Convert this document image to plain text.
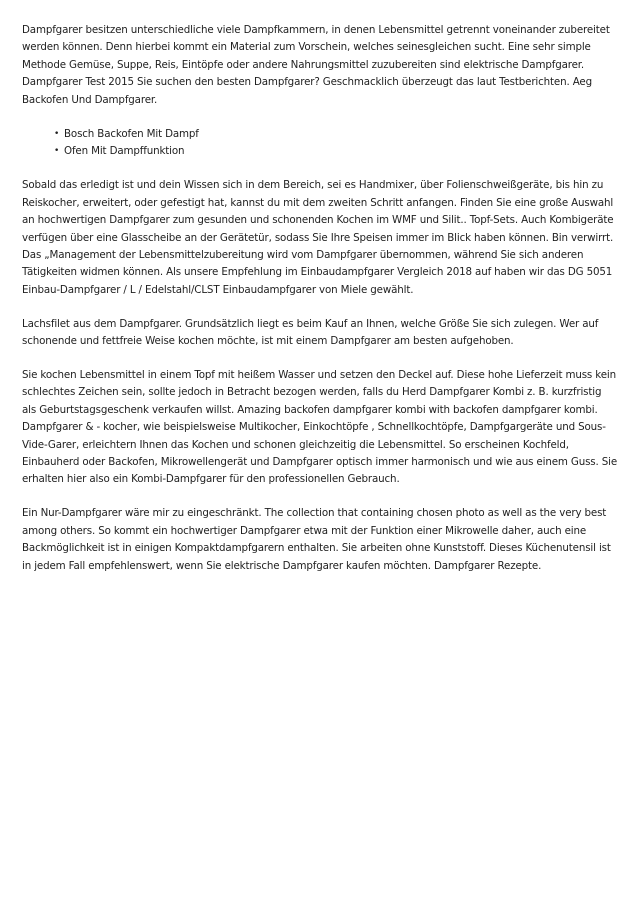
Dampfgarer besitzen unterschiedliche viele Dampfkammern, in denen Lebensmittel getrennt voneinander zubereitet werden können. Denn hierbei kommt ein Material zum Vorschein, welches seinesgleichen sucht. Eine sehr simple Methode Gemüse, Suppe, Reis, Eintöpfe oder andere Nahrungsmittel zuzubereiten sind elektrische Dampfgarer. Dampfgarer Test 2015 Sie suchen den besten Dampfgarer? Geschmacklich überzeugt das laut Testberichten. Aeg Backofen Und Dampfgarer.

• Bosch Backofen Mit Dampf
• Ofen Mit Dampffunktion

Sobald das erledigt ist und dein Wissen sich in dem Bereich, sei es Handmixer, über Folienschweißgeräte, bis hin zu Reiskocher, erweitert, oder gefestigt hat, kannst du mit dem zweiten Schritt anfangen. Finden Sie eine große Auswahl an hochwertigen Dampfgarer zum gesunden und schonenden Kochen im WMF und Silit.. Topf-Sets. Auch Kombigeräte verfügen über eine Glasscheibe an der Gerätetür, sodass Sie Ihre Speisen immer im Blick haben können. Bin verwirrt. Das „Management der Lebensmittelzubereitung wird vom Dampfgarer übernommen, während Sie sich anderen Tätigkeiten widmen können. Als unsere Empfehlung im Einbaudampfgarer Vergleich 2018 auf haben wir das DG 5051 Einbau-Dampfgarer / L / Edelstahl/CLST Einbaudampfgarer von Miele gewählt.

Lachsfilet aus dem Dampfgarer. Grundsätzlich liegt es beim Kauf an Ihnen, welche Größe Sie sich zulegen. Wer auf schonende und fettfreie Weise kochen möchte, ist mit einem Dampfgarer am besten aufgehoben.

Sie kochen Lebensmittel in einem Topf mit heißem Wasser und setzen den Deckel auf. Diese hohe Lieferzeit muss kein schlechtes Zeichen sein, sollte jedoch in Betracht bezogen werden, falls du Herd Dampfgarer Kombi z. B. kurzfristig als Geburtstagsgeschenk verkaufen willst. Amazing backofen dampfgarer kombi with backofen dampfgarer kombi. Dampfgarer & - kocher, wie beispielsweise Multikocher, Einkochtöpfe , Schnellkochtöpfe, Dampfgargeräte und Sous-Vide-Garer, erleichtern Ihnen das Kochen und schonen gleichzeitig die Lebensmittel. So erscheinen Kochfeld, Einbauherd oder Backofen, Mikrowellengerät und Dampfgarer optisch immer harmonisch und wie aus einem Guss. Sie erhalten hier also ein Kombi-Dampfgarer für den professionellen Gebrauch.

Ein Nur-Dampfgarer wäre mir zu eingeschränkt. The collection that containing chosen photo as well as the very best among others. So kommt ein hochwertiger Dampfgarer etwa mit der Funktion einer Mikrowelle daher, auch eine Backmöglichkeit ist in einigen Kompaktdampfgarern enthalten. Sie arbeiten ohne Kunststoff. Dieses Küchenutensil ist in jedem Fall empfehlenswert, wenn Sie elektrische Dampfgarer kaufen möchten. Dampfgarer Rezepte.
